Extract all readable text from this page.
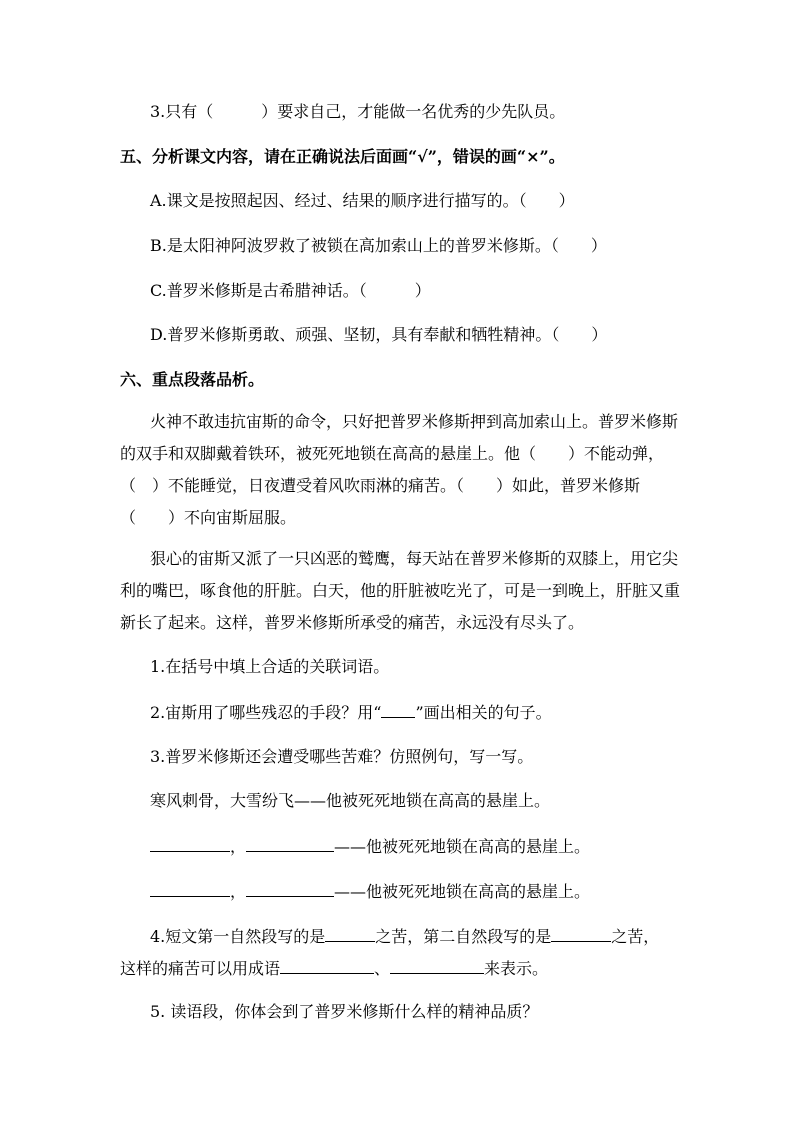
3.只有（　　　）要求自己，才能做一名优秀的少先队员。
五、分析课文内容，请在正确说法后面画“√”，错误的画“×”。
A.课文是按照起因、经过、结果的顺序进行描写的。（　　）
B.是太阳神阿波罗救了被锁在高加索山上的普罗米修斯。（　　）
C.普罗米修斯是古希腊神话。（　　　）
D.普罗米修斯勇敢、顽强、坚韧，具有奉献和牺牲精神。（　　）
六、重点段落品析。
火神不敢违抗宙斯的命令，只好把普罗米修斯押到高加索山上。普罗米修斯
的双手和双脚戴着铁环，被死死地锁在高高的悬崖上。他（　　）不能动弹，
（　）不能睡觉，日夜遭受着风吹雨淋的痛苦。（　　）如此，普罗米修斯
（　　）不向宙斯屈服。
狠心的宙斯又派了一只凶恶的鹫鹰，每天站在普罗米修斯的双膝上，用它尖
利的嘴巴，啄食他的肝脏。白天，他的肝脏被吃光了，可是一到晚上，肝脏又重
新长了起来。这样，普罗米修斯所承受的痛苦，永远没有尽头了。
1.在括号中填上合适的关联词语。
2.宙斯用了哪些残忍的手段？用“ ”画出相关的句子。
3.普罗米修斯还会遭受哪些苦难？仿照例句，写一写。
寒风刺骨，大雪纷飞——他被死死地锁在高高的悬崖上。
，	——他被死死地锁在高高的悬崖上。
，	——他被死死地锁在高高的悬崖上。
4.短文第一自然段写的是	之苦，第二自然段写的是	之苦，
这样的痛苦可以用成语	、	来表示。
5. 读语段，你体会到了普罗米修斯什么样的精神品质？
